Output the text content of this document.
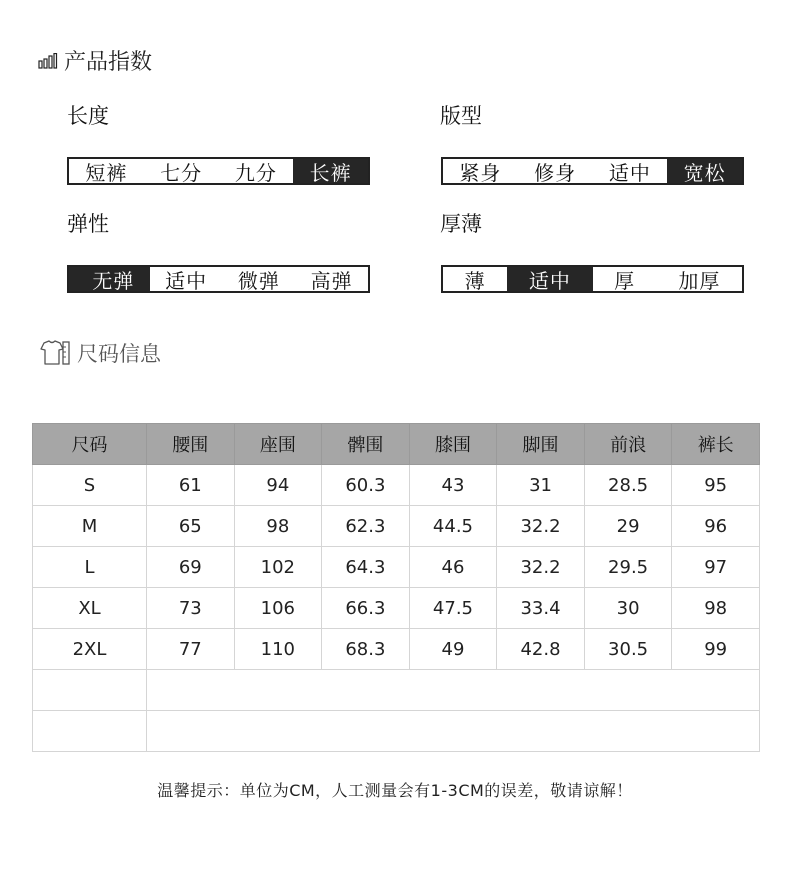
产品指数
长度
短裤	七分	九分	长裤
版型
紧身	修身	适中	宽松
弹性
无弹	适中	微弹	高弹
厚薄
薄	适中	厚	加厚
尺码信息
尺码	腰围	座围	髀围	膝围	脚围	前浪	裤长
S	61	94	60.3	43	31	28.5	95
M	65	98	62.3	44.5	32.2	29	96
L	69	102	64.3	46	32.2	29.5	97
XL	73	106	66.3	47.5	33.4	30	98
2XL	77	110	68.3	49	42.8	30.5	99

温馨提示：单位为CM，人工测量会有1-3CM的误差，敬请谅解！
